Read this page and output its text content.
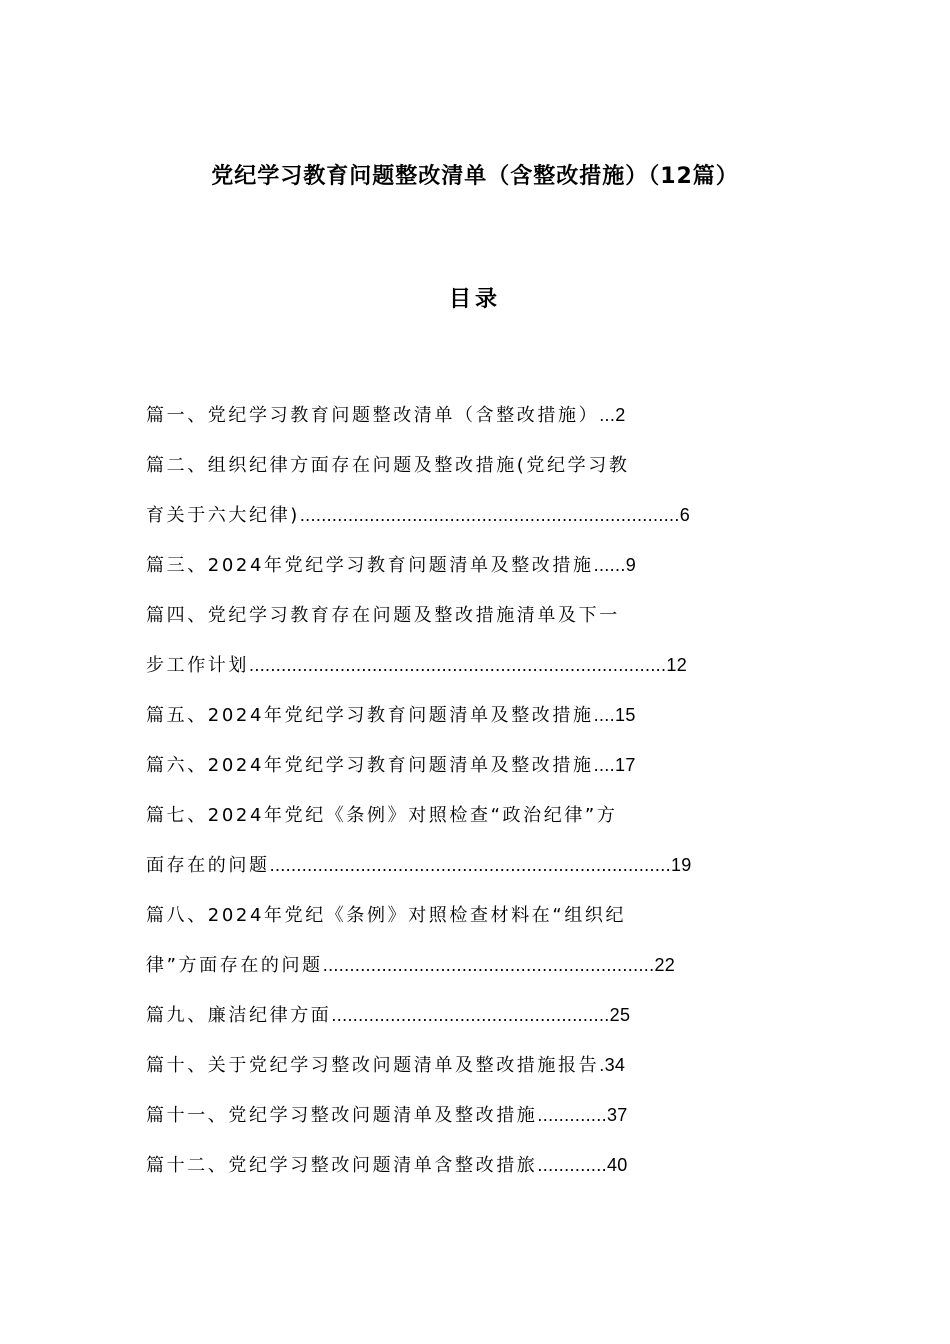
党纪学习教育问题整改清单（含整改措施）（12篇）
目录
篇一、党纪学习教育问题整改清单（含整改措施）...2
篇二、组织纪律方面存在问题及整改措施(党纪学习教
育关于六大纪律).......................................................................6
篇三、2024年党纪学习教育问题清单及整改措施......9
篇四、党纪学习教育存在问题及整改措施清单及下一
步工作计划..............................................................................12
篇五、2024年党纪学习教育问题清单及整改措施....15
篇六、2024年党纪学习教育问题清单及整改措施....17
篇七、2024年党纪《条例》对照检查“政治纪律”方
面存在的问题...........................................................................19
篇八、2024年党纪《条例》对照检查材料在“组织纪
律”方面存在的问题..............................................................22
篇九、廉洁纪律方面....................................................25
篇十、关于党纪学习整改问题清单及整改措施报告.34
篇十一、党纪学习整改问题清单及整改措施.............37
篇十二、党纪学习整改问题清单含整改措旅.............40
